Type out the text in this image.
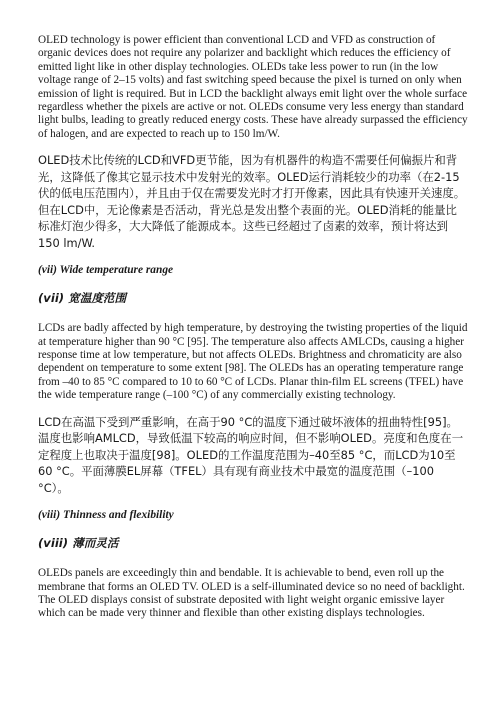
OLED technology is power efficient than conventional LCD and VFD as construction of organic devices does not require any polarizer and backlight which reduces the efficiency of emitted light like in other display technologies. OLEDs take less power to run (in the low voltage range of 2–15 volts) and fast switching speed because the pixel is turned on only when emission of light is required. But in LCD the backlight always emit light over the whole surface regardless whether the pixels are active or not. OLEDs consume very less energy than standard light bulbs, leading to greatly reduced energy costs. These have already surpassed the efficiency of halogen, and are expected to reach up to 150 lm/W.

OLED技术比传统的LCD和VFD更节能，因为有机器件的构造不需要任何偏振片和背光，这降低了像其它显示技术中发射光的效率。OLED运行消耗较少的功率（在2-15伏的低电压范围内），并且由于仅在需要发光时才打开像素，因此具有快速开关速度。但在LCD中，无论像素是否活动，背光总是发出整个表面的光。OLED消耗的能量比标准灯泡少得多，大大降低了能源成本。这些已经超过了卤素的效率，预计将达到150 lm/W.

(vii) Wide temperature range

(vii) 宽温度范围

LCDs are badly affected by high temperature, by destroying the twisting properties of the liquid at temperature higher than 90 °C [95]. The temperature also affects AMLCDs, causing a higher response time at low temperature, but not affects OLEDs. Brightness and chromaticity are also dependent on temperature to some extent [98]. The OLEDs has an operating temperature range from –40 to 85 °C compared to 10 to 60 °C of LCDs. Planar thin-film EL screens (TFEL) have the wide temperature range (–100 °C) of any commercially existing technology.

LCD在高温下受到严重影响，在高于90 °C的温度下通过破坏液体的扭曲特性[95]。温度也影响AMLCD，导致低温下较高的响应时间，但不影响OLED。亮度和色度在一定程度上也取决于温度[98]。OLED的工作温度范围为–40至85 °C，而LCD为10至60 °C。平面薄膜EL屏幕（TFEL）具有现有商业技术中最宽的温度范围（–100 °C）。

(viii) Thinness and flexibility

(viii) 薄而灵活

OLEDs panels are exceedingly thin and bendable. It is achievable to bend, even roll up the membrane that forms an OLED TV. OLED is a self-illuminated device so no need of backlight. The OLED displays consist of substrate deposited with light weight organic emissive layer which can be made very thinner and flexible than other existing displays technologies.
